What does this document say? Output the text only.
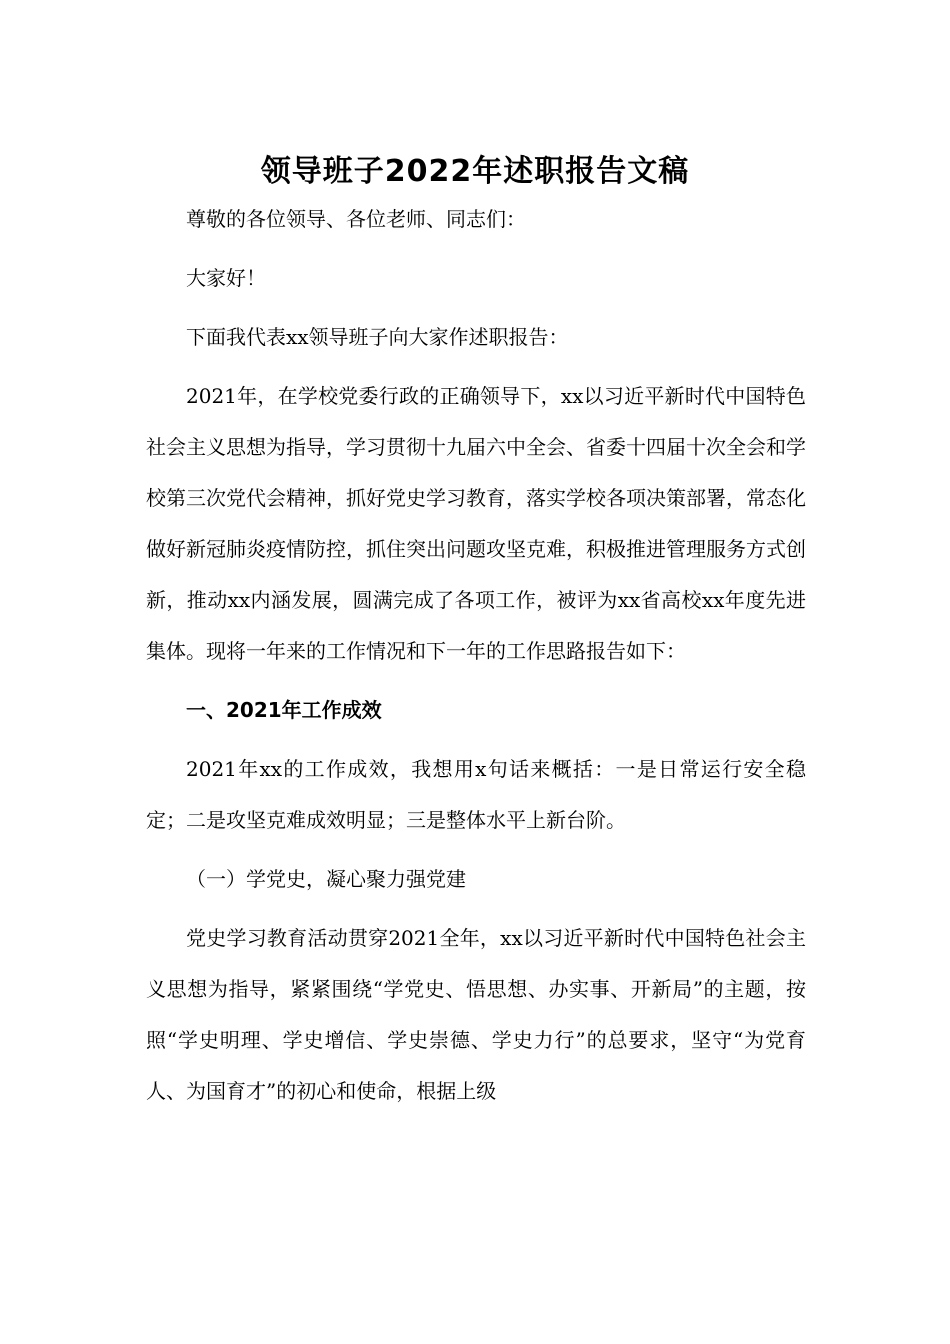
领导班子2022年述职报告文稿

尊敬的各位领导、各位老师、同志们：

大家好！

下面我代表xx领导班子向大家作述职报告：

2021年，在学校党委行政的正确领导下，xx以习近平新时代中国特色社会主义思想为指导，学习贯彻十九届六中全会、省委十四届十次全会和学校第三次党代会精神，抓好党史学习教育，落实学校各项决策部署，常态化做好新冠肺炎疫情防控，抓住突出问题攻坚克难，积极推进管理服务方式创新，推动xx内涵发展，圆满完成了各项工作，被评为xx省高校xx年度先进集体。现将一年来的工作情况和下一年的工作思路报告如下：

一、2021年工作成效

2021年xx的工作成效，我想用x句话来概括：一是日常运行安全稳定；二是攻坚克难成效明显；三是整体水平上新台阶。

（一）学党史，凝心聚力强党建

党史学习教育活动贯穿2021全年，xx以习近平新时代中国特色社会主义思想为指导，紧紧围绕“学党史、悟思想、办实事、开新局”的主题，按照“学史明理、学史增信、学史崇德、学史力行”的总要求，坚守“为党育人、为国育才”的初心和使命，根据上级
